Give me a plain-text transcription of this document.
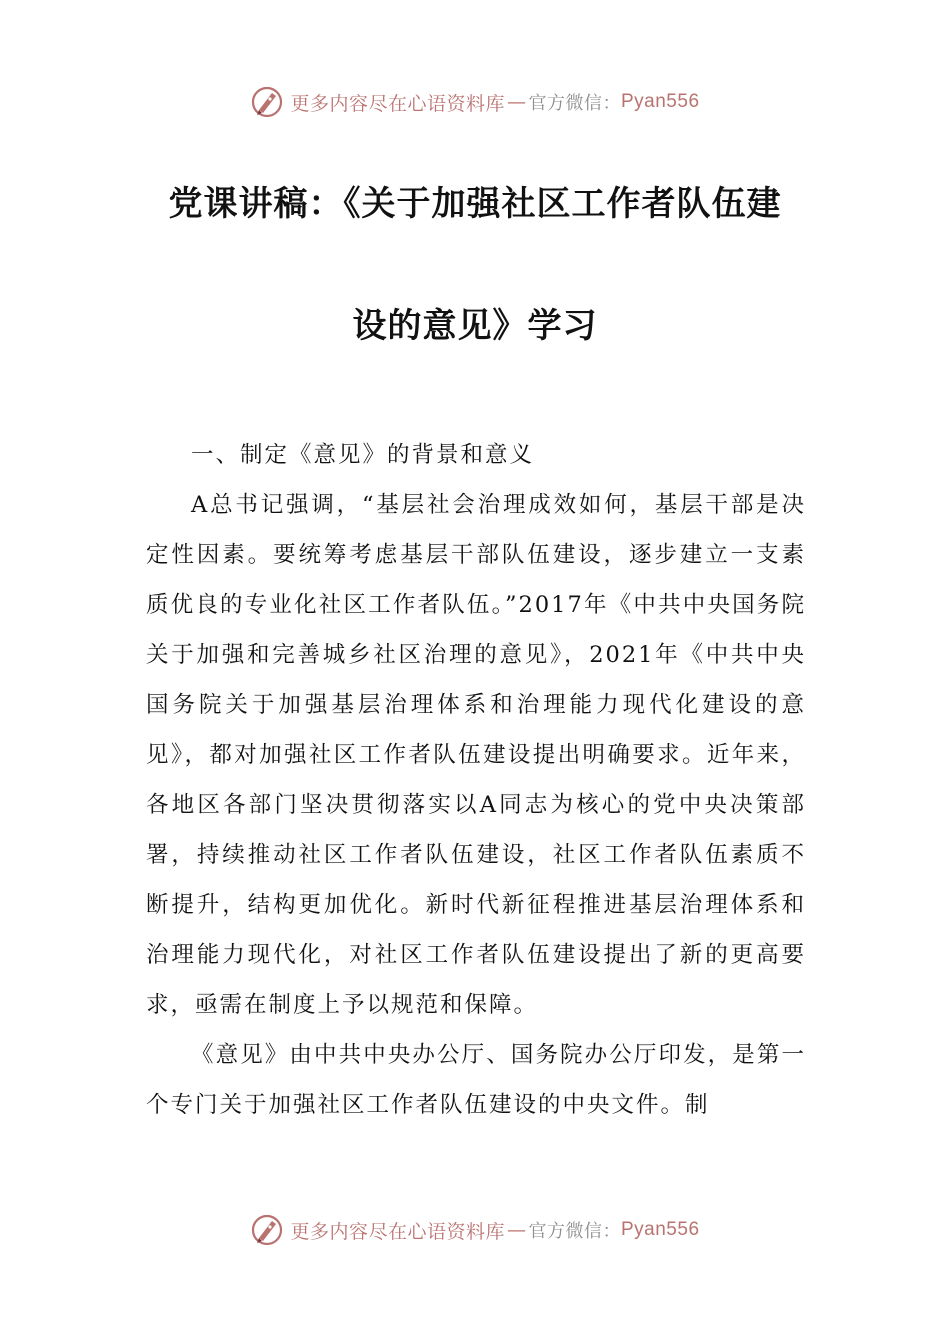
更多内容尽在心语资料库 — 官方微信： Pyan556
党课讲稿：《关于加强社区工作者队伍建
设的意见》学习

一、制定《意见》的背景和意义

A总书记强调，“基层社会治理成效如何，基层干部是决定性因素。要统筹考虑基层干部队伍建设，逐步建立一支素质优良的专业化社区工作者队伍。”2017年《中共中央国务院关于加强和完善城乡社区治理的意见》，2021年《中共中央国务院关于加强基层治理体系和治理能力现代化建设的意见》，都对加强社区工作者队伍建设提出明确要求。近年来，各地区各部门坚决贯彻落实以A同志为核心的党中央决策部署，持续推动社区工作者队伍建设，社区工作者队伍素质不断提升，结构更加优化。新时代新征程推进基层治理体系和治理能力现代化，对社区工作者队伍建设提出了新的更高要求，亟需在制度上予以规范和保障。

《意见》由中共中央办公厅、国务院办公厅印发，是第一个专门关于加强社区工作者队伍建设的中央文件。制

更多内容尽在心语资料库 — 官方微信： Pyan556
